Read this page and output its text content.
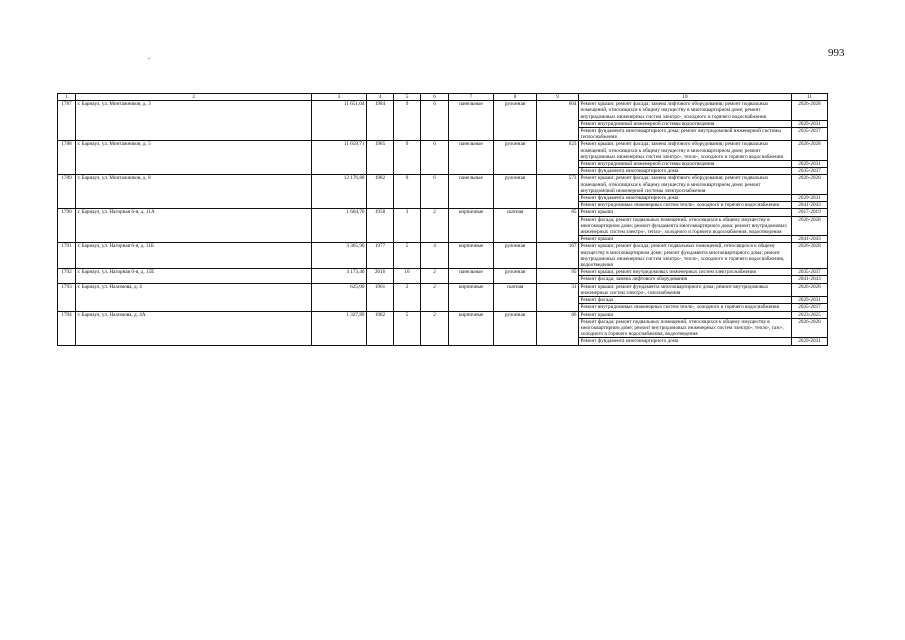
993
.
1	2	3	4	5	6	7	8	9	10	11
1787	г. Барнаул, ул. Монтажников, д. 3	11 651,04	1984	9	6	панельные	рулонная	604	Ремонт крыши; ремонт фасада; замена лифтового оборудования; ремонт подвальных помещений, относящихся к общему имуществу в многоквартирном доме; ремонт внутридомовых инженерных систем электро-, холодного и горячего водоснабжения	2026-2028
									Ремонт внутридомовой инженерной системы водоотведения	2029-2031
									Ремонт фундамента многоквартирного дома; ремонт внутридомовой инженерной системы теплоснабжения	2035-2037
1788	г. Барнаул, ул. Монтажников, д. 5	11 659,71	1985	9	6	панельные	рулонная	623	Ремонт крыши; ремонт фасада; замена лифтового оборудования; ремонт подвальных помещений, относящихся к общему имуществу в многоквартирном доме; ремонт внутридомовых инженерных систем электро-, тепло-, холодного и горячего водоснабжения	2026-2028
									Ремонт внутридомовой инженерной системы водоотведения	2029-2031
									Ремонт фундамента многоквартирного дома	2035-2037
1789	г. Барнаул, ул. Монтажников, д. 8	12 176,80	1982	9	6	панельные	рулонная	573	Ремонт крыши; ремонт фасада; замена лифтового оборудования; ремонт подвальных помещений, относящихся к общему имуществу в многоквартирном доме; ремонт внутридомовой инженерной системы электроснабжения	2026-2028
									Ремонт фундамента многоквартирного дома	2029-2031
									Ремонт внутридомовых инженерных систем тепло-, холодного и горячего водоснабжения	2041-2043
1790	г. Барнаул, ул. Нагорная 6-я, д. 11А	1 604,70	1958	3	2	кирпичные	скатная	85	Ремонт крыши	2017-2019
									Ремонт фасада; ремонт подвальных помещений, относящихся к общему имуществу в многоквартирном доме; ремонт фундамента многоквартирного дома; ремонт внутридомовых инженерных систем электро-, тепло-, холодного и горячего водоснабжения, водоотведения	2026-2028
									Ремонт крыши	2041-2043
1791	г. Барнаул, ул. Нагорная 6-я, д. 11Б	3 365,90	1977	5	4	кирпичные	рулонная	167	Ремонт крыши; ремонт фасада; ремонт подвальных помещений, относящихся к общему имуществу в многоквартирном доме; ремонт фундамента многоквартирного дома; ремонт внутридомовых инженерных систем электро-, тепло-, холодного и горячего водоснабжения, водоотведения	2026-2028
1792	г. Барнаул, ул. Нагорная 6-я, д. 15Е	4 173,40	2016	10	2	панельные	рулонная	95	Ремонт крыши; ремонт внутридомовых инженерных систем электроснабжения	2035-2037
									Ремонт фасада; замена лифтового оборудования	2041-2043
1793	г. Барнаул, ул. Нахимова, д. 4	625,00	1961	2	2	кирпичные	скатная	31	Ремонт крыши; ремонт фундамента многоквартирного дома; ремонт внутридомовых инженерных систем электро-, газоснабжения	2026-2028
									Ремонт фасада	2029-2031
									Ремонт внутридомовых инженерных систем тепло-, холодного и горячего водоснабжения	2035-2037
1794	г. Барнаул, ул. Нахимова, д. 4А	1 327,89	1982	5	2	кирпичные	рулонная	66	Ремонт крыши	2023-2025
									Ремонт фасада; ремонт подвальных помещений, относящихся к общему имуществу в многоквартирном доме; ремонт внутридомовых инженерных систем электро-, тепло-, газо-, холодного и горячего водоснабжения, водоотведения	2026-2028
									Ремонт фундамента многоквартирного дома	2029-2031
